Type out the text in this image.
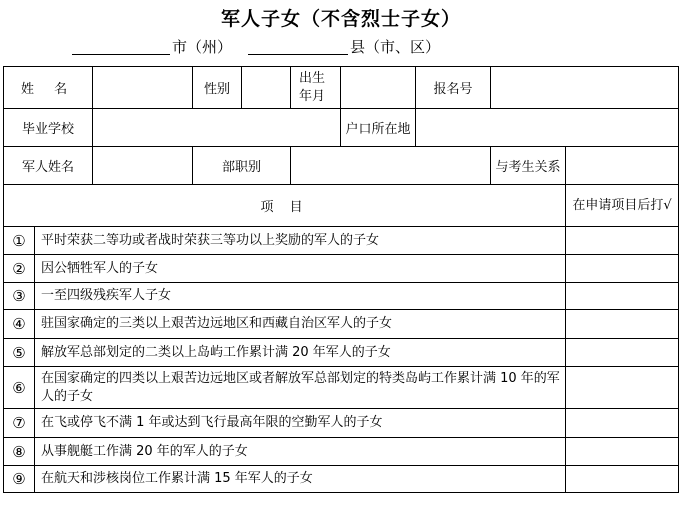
军人子女（不含烈士子女）
市（州）	县（市、区）
姓 名			性别		出生年月		报名号		
毕业学校						户口所在地			
军人姓名			部职别					与考生关系	
项 目									在申请项目后打√
①	平时荣获二等功或者战时荣获三等功以上奖励的军人的子女								
②	因公牺牲军人的子女								
③	一至四级残疾军人子女								
④	驻国家确定的三类以上艰苦边远地区和西藏自治区军人的子女								
⑤	解放军总部划定的二类以上岛屿工作累计满 20 年军人的子女								
⑥	在国家确定的四类以上艰苦边远地区或者解放军总部划定的特类岛屿工作累计满 10 年的军人的子女								
⑦	在飞或停飞不满 1 年或达到飞行最高年限的空勤军人的子女								
⑧	从事舰艇工作满 20 年的军人的子女								
⑨	在航天和涉核岗位工作累计满 15 年军人的子女								
